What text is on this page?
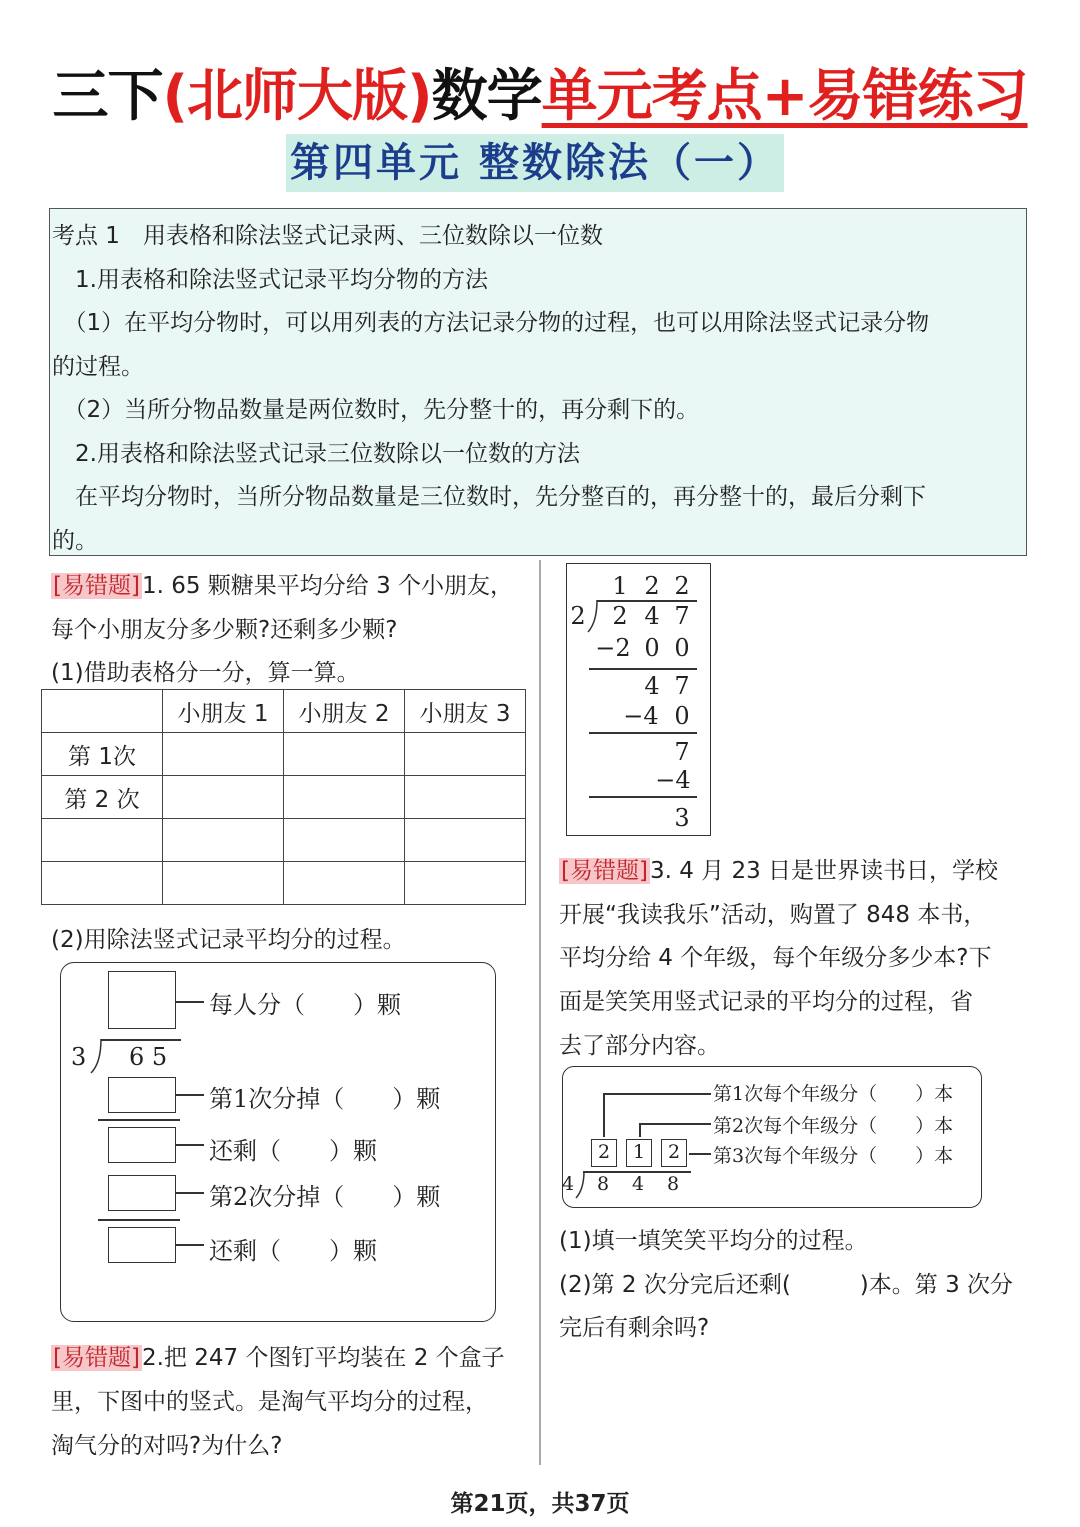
三下(北师大版)数学单元考点+易错练习
第四单元 整数除法（一）
考点 1　用表格和除法竖式记录两、三位数除以一位数
　1.用表格和除法竖式记录平均分物的方法
　（1）在平均分物时，可以用列表的方法记录分物的过程，也可以用除法竖式记录分物
的过程。
　（2）当所分物品数量是两位数时，先分整十的，再分剩下的。
　2.用表格和除法竖式记录三位数除以一位数的方法
　在平均分物时，当所分物品数量是三位数时，先分整百的，再分整十的，最后分剩下
的。
[易错题]1. 65 颗糖果平均分给 3 个小朋友，
每个小朋友分多少颗?还剩多少颗?
(1)借助表格分一分，算一算。
	小朋友 1	小朋友 2	小朋友 3
第 1次			
第 2 次			

(2)用除法竖式记录平均分的过程。
每人分（　　）颗
3 6 5
第1次分掉（　　）颗
还剩（　　）颗
第2次分掉（　　）颗
还剩（　　）颗
[易错题]2.把 247 个图钉平均装在 2 个盒子
里，下图中的竖式。是淘气平均分的过程，
淘气分的对吗?为什么?
1 2 2
2	2 4 7
−2 0 0
4 7
−4 0
7
−4
3
[易错题]3. 4 月 23 日是世界读书日，学校
开展“我读我乐”活动，购置了 848 本书，
平均分给 4 个年级，每个年级分多少本?下
面是笑笑用竖式记录的平均分的过程，省
去了部分内容。
第1次每个年级分（　　）本
第2次每个年级分（　　）本
第3次每个年级分（　　）本
2	1	2
4	8	4	8
(1)填一填笑笑平均分的过程。
(2)第 2 次分完后还剩(　　　)本。第 3 次分
完后有剩余吗?
第21页，共37页
